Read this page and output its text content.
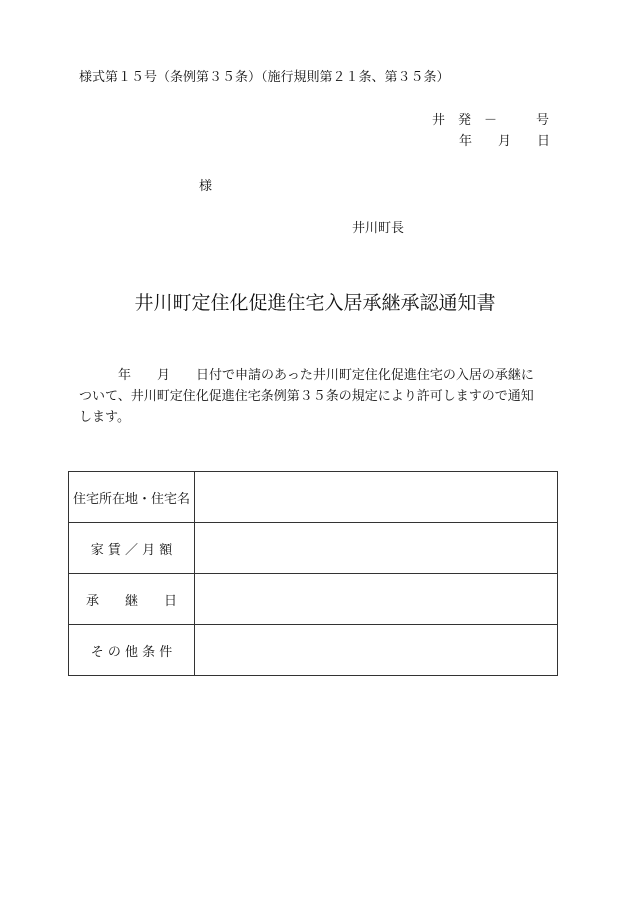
様式第１５号（条例第３５条）（施行規則第２１条、第３５条）
井　発　－　　　号
年　　月　　日
様
井川町長
井川町定住化促進住宅入居承継承認通知書

　　　年　　月　　日付で申請のあった井川町定住化促進住宅の入居の承継に

ついて、井川町定住化促進住宅条例第３５条の規定により許可しますので通知

します。

住宅所在地・住宅名	
家 賃 ／ 月 額	
承　　継　　日	
そ の 他 条 件	
